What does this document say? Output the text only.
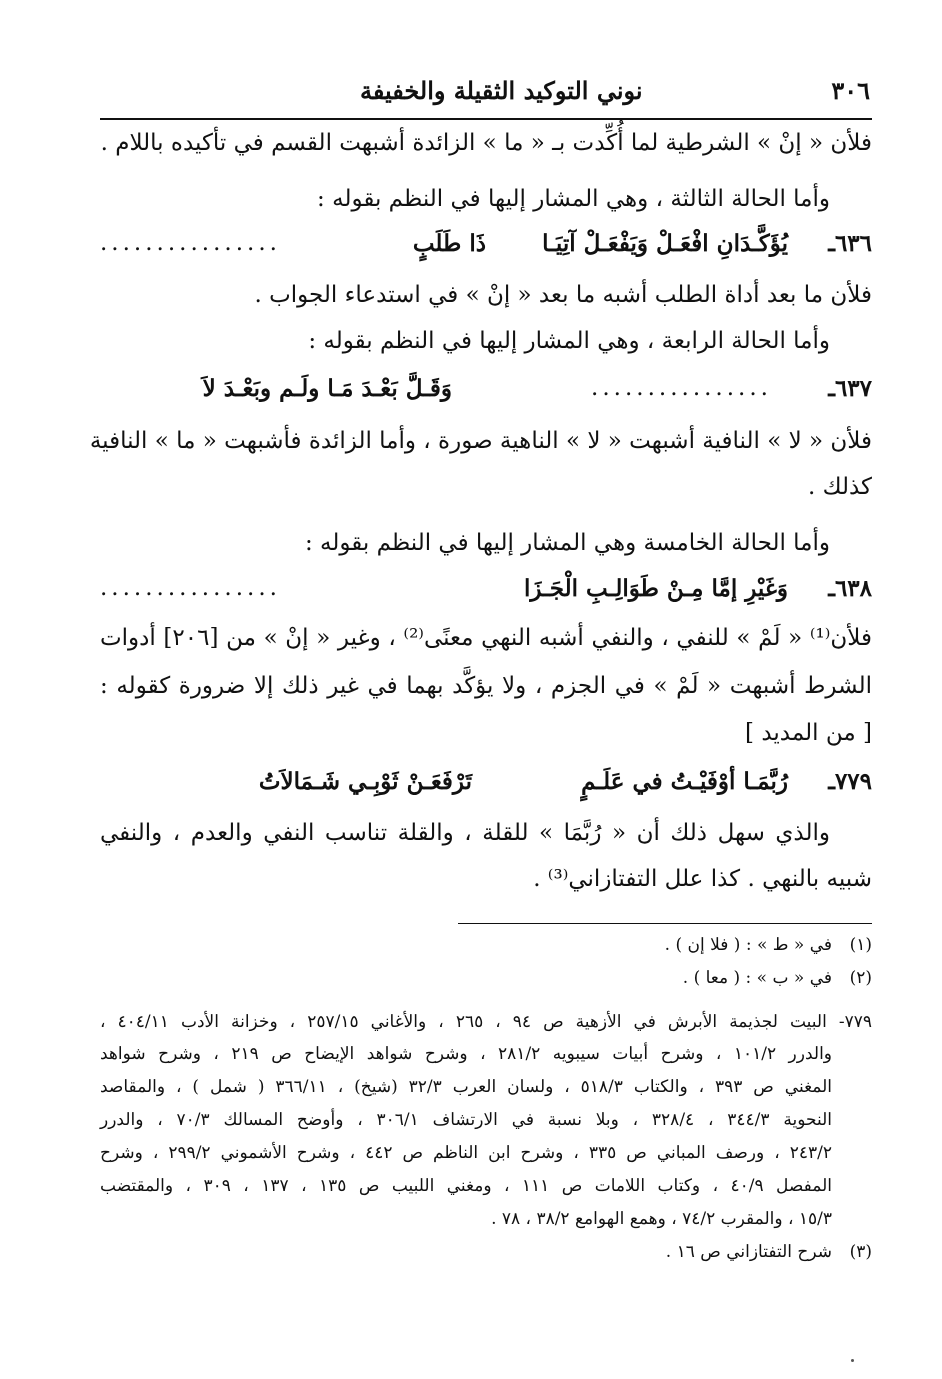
٣٠٦
نوني التوكيد الثقيلة والخفيفة
فلأن « إنْ » الشرطية لما أُكِّدت بـ « ما » الزائدة أشبهت القسم في تأكيده باللام .
وأما الحالة الثالثة ، وهي المشار إليها في النظم بقوله :
٦٣٦ـ
يُؤَكَّـدَانِ افْعَـلْ وَيَفْعَـلْ آتِيَـا
ذَا طَلَبٍ
................
فلأن ما بعد أداة الطلب أشبه ما بعد « إنْ » في استدعاء الجواب .
وأما الحالة الرابعة ، وهي المشار إليها في النظم بقوله :
٦٣٧ـ
................
وَقَـلَّ بَعْـدَ مَـا ولَـم وبَعْـدَ لاَ
فلأن « لا » النافية أشبهت « لا » الناهية صورة ، وأما الزائدة فأشبهت « ما » النافية
كذلك .
وأما الحالة الخامسة وهي المشار إليها في النظم بقوله :
٦٣٨ـ
وَغَيْرِ إمَّا مِـنْ طَوَالِـبِ الْجَـزَا
................
فلأن⁽¹⁾ « لَمْ » للنفي ، والنفي أشبه النهي معنًى⁽²⁾ ، وغير « إنْ » من [٢٠٦] أدوات
الشرط أشبهت « لَمْ » في الجزم ، ولا يؤكَّد بهما في غير ذلك إلا ضرورة كقوله :
[ من المديد ]
٧٧٩ـ
رُبَّمَـا أوْفَيْـتُ في عَلَـمٍ
تَرْفَعَـنْ ثَوْبِـي شَـمَالاَتُ
والذي سهل ذلك أن « رُبَّمَا » للقلة ، والقلة تناسب النفي والعدم ، والنفي
شبيه بالنهي . كذا علل التفتازاني⁽³⁾ .
(١)في « ط » : ( فلا إن ) .
(٢)في « ب » : ( معا ) .
٧٧٩- البيت لجذيمة الأبرش في الأزهية ص ٩٤ ، ٢٦٥ ، والأغاني ٢٥٧/١٥ ، وخزانة الأدب ٤٠٤/١١ ،
والدرر ١٠١/٢ ، وشرح أبيات سيبويه ٢٨١/٢ ، وشرح شواهد الإيضاح ص ٢١٩ ، وشرح شواهد
المغني ص ٣٩٣ ، والكتاب ٥١٨/٣ ، ولسان العرب ٣٢/٣ (شيخ) ، ٣٦٦/١١ ( شمل ) ، والمقاصد
النحوية ٣٤٤/٣ ، ٣٢٨/٤ ، وبلا نسبة في الارتشاف ٣٠٦/١ ، وأوضح المسالك ٧٠/٣ ، والدرر
٢٤٣/٢ ، ورصف المباني ص ٣٣٥ ، وشرح ابن الناظم ص ٤٤٢ ، وشرح الأشموني ٢٩٩/٢ ، وشرح
المفصل ٤٠/٩ ، وكتاب اللامات ص ١١١ ، ومغني اللبيب ص ١٣٥ ، ١٣٧ ، ٣٠٩ ، والمقتضب
١٥/٣ ، والمقرب ٧٤/٢ ، وهمع الهوامع ٣٨/٢ ، ٧٨ .
(٣)شرح التفتازاني ص ١٦ .
